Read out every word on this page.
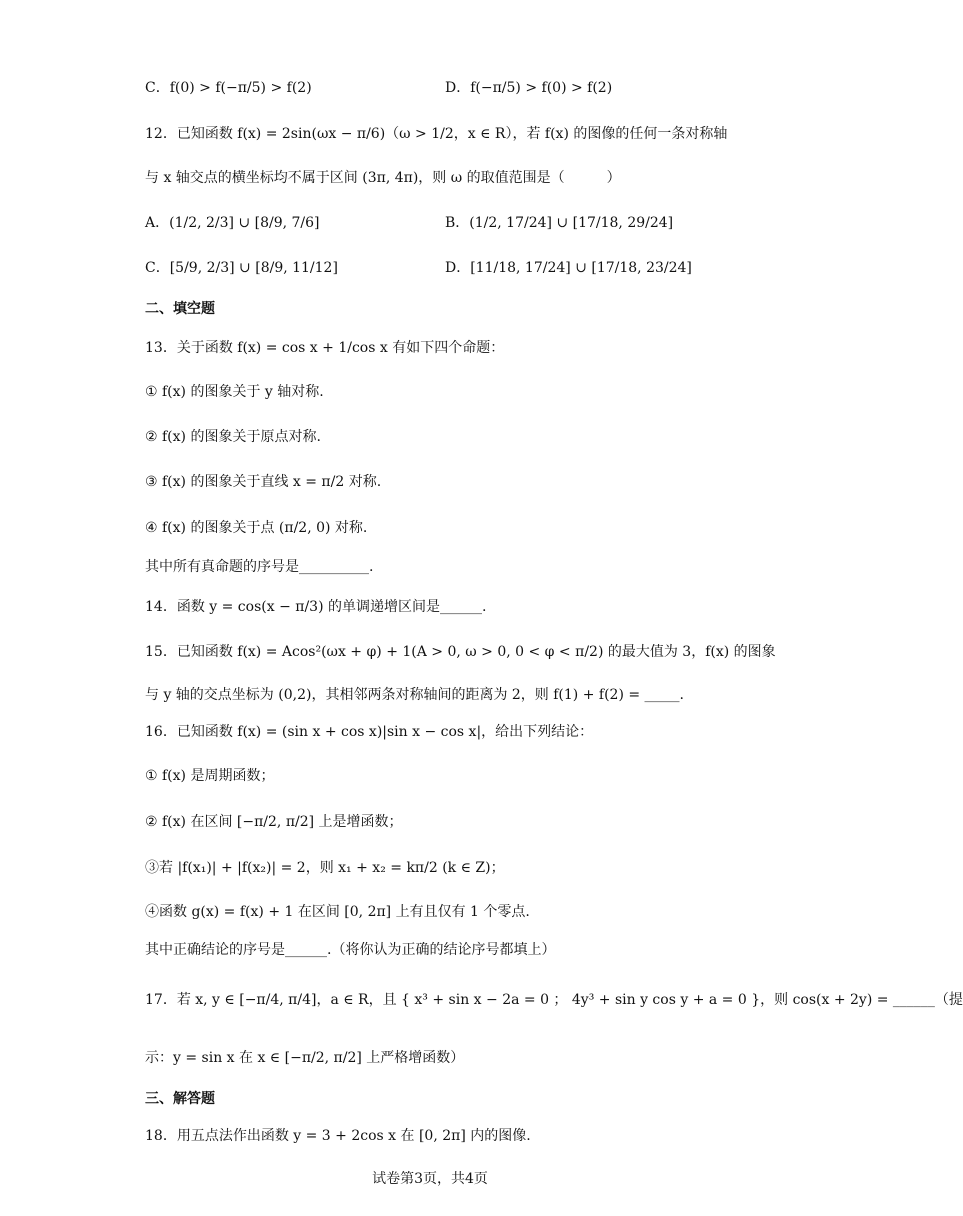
C．f(0) > f(−π/5) > f(2)	D．f(−π/5) > f(0) > f(2)
12．已知函数 f(x) = 2sin(ωx − π/6)（ω > 1/2，x ∈ R），若 f(x) 的图像的任何一条对称轴
与 x 轴交点的横坐标均不属于区间 (3π, 4π)，则 ω 的取值范围是（　　　）
A．(1/2, 2/3] ∪ [8/9, 7/6]	B．(1/2, 17/24] ∪ [17/18, 29/24]
C．[5/9, 2/3] ∪ [8/9, 11/12]	D．[11/18, 17/24] ∪ [17/18, 23/24]
二、填空题
13．关于函数 f(x) = cos x + 1/cos x 有如下四个命题：
① f(x) 的图象关于 y 轴对称.
② f(x) 的图象关于原点对称.
③ f(x) 的图象关于直线 x = π/2 对称.
④ f(x) 的图象关于点 (π/2, 0) 对称.
其中所有真命题的序号是__________.
14．函数 y = cos(x − π/3) 的单调递增区间是______.
15．已知函数 f(x) = Acos²(ωx + φ) + 1(A > 0, ω > 0, 0 < φ < π/2) 的最大值为 3，f(x) 的图象
与 y 轴的交点坐标为 (0,2)，其相邻两条对称轴间的距离为 2，则 f(1) + f(2) = _____.
16．已知函数 f(x) = (sin x + cos x)|sin x − cos x|，给出下列结论：
① f(x) 是周期函数；
② f(x) 在区间 [−π/2, π/2] 上是增函数；
③若 |f(x₁)| + |f(x₂)| = 2，则 x₁ + x₂ = kπ/2 (k ∈ Z)；
④函数 g(x) = f(x) + 1 在区间 [0, 2π] 上有且仅有 1 个零点.
其中正确结论的序号是______.（将你认为正确的结论序号都填上）
17．若 x, y ∈ [−π/4, π/4]，a ∈ R，且 { x³ + sin x − 2a = 0 ； 4y³ + sin y cos y + a = 0 }，则 cos(x + 2y) = ______（提
示：y = sin x 在 x ∈ [−π/2, π/2] 上严格增函数）
三、解答题
18．用五点法作出函数 y = 3 + 2cos x 在 [0, 2π] 内的图像.
试卷第3页，共4页
